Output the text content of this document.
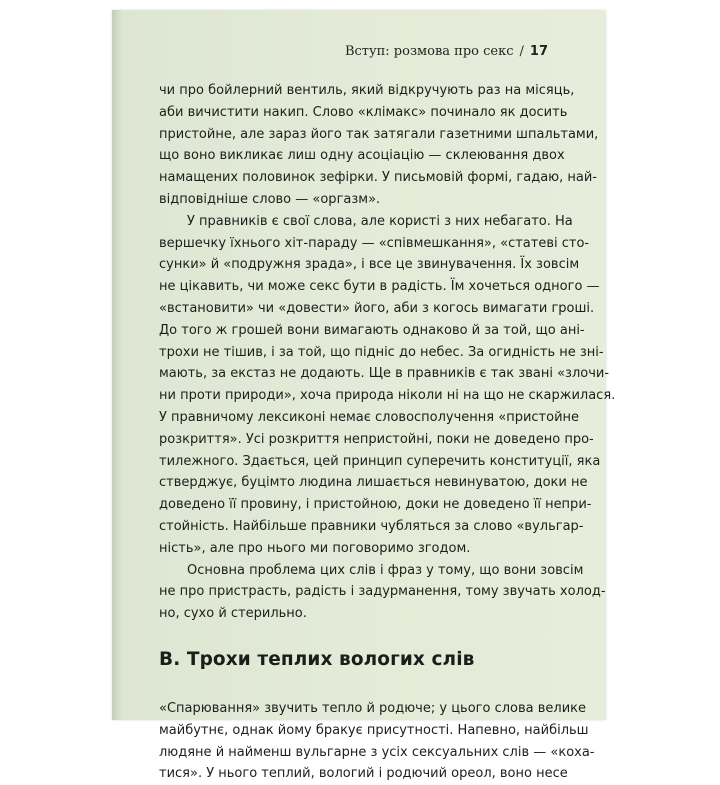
Вступ: розмова про секс / 17
чи про бойлерний вентиль, який відкручують раз на місяць,
аби вичистити накип. Слово «клімакс» починало як досить
пристойне, але зараз його так затягали газетними шпальтами,
що воно викликає лиш одну асоціацію — склеювання двох
намащених половинок зефірки. У письмовій формі, гадаю, най-
відповідніше слово — «оргазм».
У правників є свої слова, але користі з них небагато. На
вершечку їхнього хіт-параду — «співмешкання», «статеві сто-
сунки» й «подружня зрада», і все це звинувачення. Їх зовсім
не цікавить, чи може секс бути в радість. Їм хочеться одного —
«встановити» чи «довести» його, аби з когось вимагати гроші.
До того ж грошей вони вимагають однаково й за той, що ані-
трохи не тішив, і за той, що підніс до небес. За огидність не зні-
мають, за екстаз не додають. Ще в правників є так звані «злочи-
ни проти природи», хоча природа ніколи ні на що не скаржилася.
У правничому лексиконі немає словосполучення «пристойне
розкриття». Усі розкриття непристойні, поки не доведено про-
тилежного. Здається, цей принцип суперечить конституції, яка
стверджує, буцімто людина лишається невинуватою, доки не
доведено її провину, і пристойною, доки не доведено її непри-
стойність. Найбільше правники чубляться за слово «вульгар-
ність», але про нього ми поговоримо згодом.
Основна проблема цих слів і фраз у тому, що вони зовсім
не про пристрасть, радість і задурманення, тому звучать холод-
но, сухо й стерильно.
B. Трохи теплих вологих слів
«Спарювання» звучить тепло й родюче; у цього слова велике
майбутнє, однак йому бракує присутності. Напевно, найбільш
людяне й найменш вульгарне з усіх сексуальних слів — «коха-
тися». У нього теплий, вологий і родючий ореол, воно несе
